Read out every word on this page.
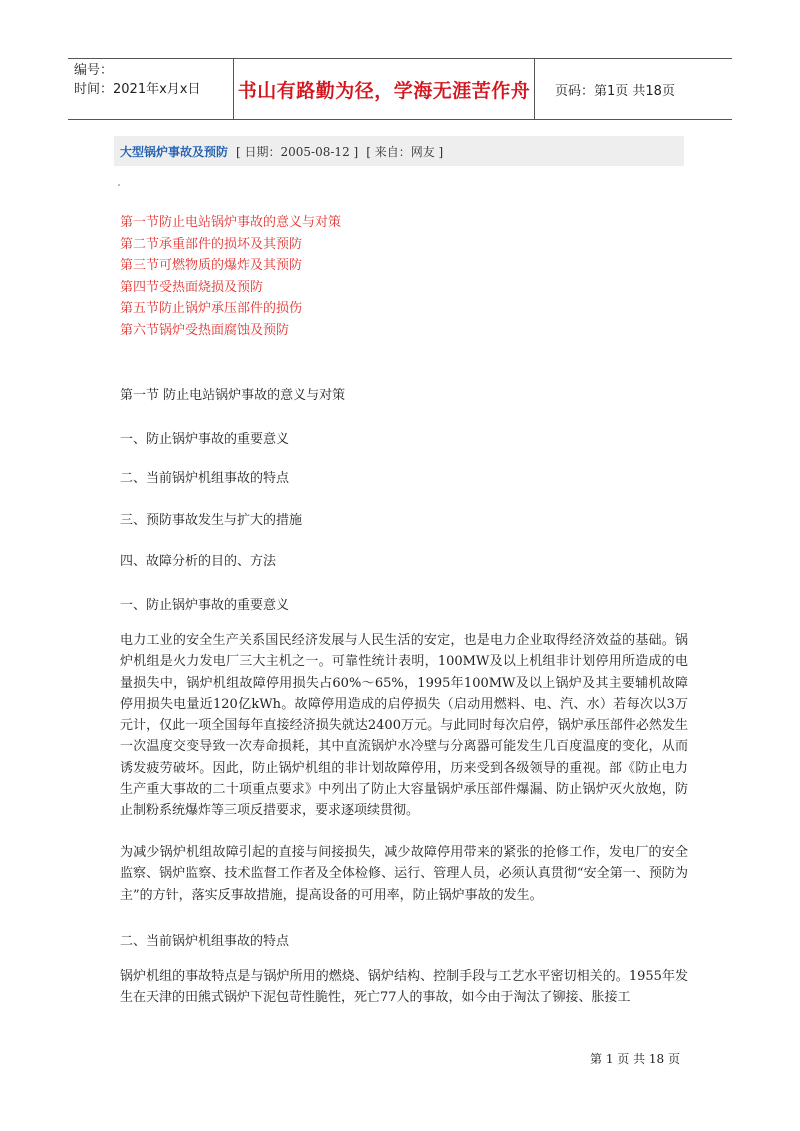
编号：
时间：2021年x月x日	书山有路勤为径，学海无涯苦作舟	页码：第1页 共18页
大型锅炉事故及预防 [ 日期：2005-08-12 ] [ 来自：网友 ]
第一节防止电站锅炉事故的意义与对策
第二节承重部件的损坏及其预防
第三节可燃物质的爆炸及其预防
第四节受热面烧损及预防
第五节防止锅炉承压部件的损伤
第六节锅炉受热面腐蚀及预防
第一节 防止电站锅炉事故的意义与对策
一、防止锅炉事故的重要意义
二、当前锅炉机组事故的特点
三、预防事故发生与扩大的措施
四、故障分析的目的、方法
一、防止锅炉事故的重要意义
电力工业的安全生产关系国民经济发展与人民生活的安定，也是电力企业取得经济效益的基础。锅炉机组是火力发电厂三大主机之一。可靠性统计表明，100MW及以上机组非计划停用所造成的电量损失中，锅炉机组故障停用损失占60%～65%，1995年100MW及以上锅炉及其主要辅机故障停用损失电量近120亿kWh。故障停用造成的启停损失（启动用燃料、电、汽、水）若每次以3万元计，仅此一项全国每年直接经济损失就达2400万元。与此同时每次启停，锅炉承压部件必然发生一次温度交变导致一次寿命损耗，其中直流锅炉水冷壁与分离器可能发生几百度温度的变化，从而诱发疲劳破坏。因此，防止锅炉机组的非计划故障停用，历来受到各级领导的重视。部《防止电力生产重大事故的二十项重点要求》中列出了防止大容量锅炉承压部件爆漏、防止锅炉灭火放炮，防止制粉系统爆炸等三项反措要求，要求逐项续贯彻。
为减少锅炉机组故障引起的直接与间接损失，减少故障停用带来的紧张的抢修工作，发电厂的安全监察、锅炉监察、技术监督工作者及全体检修、运行、管理人员，必须认真贯彻“安全第一、预防为主”的方针，落实反事故措施，提高设备的可用率，防止锅炉事故的发生。
二、当前锅炉机组事故的特点
锅炉机组的事故特点是与锅炉所用的燃烧、锅炉结构、控制手段与工艺水平密切相关的。1955年发生在天津的田熊式锅炉下泥包苛性脆性，死亡77人的事故，如今由于淘汰了铆接、胀接工
第 1 页 共 18 页
